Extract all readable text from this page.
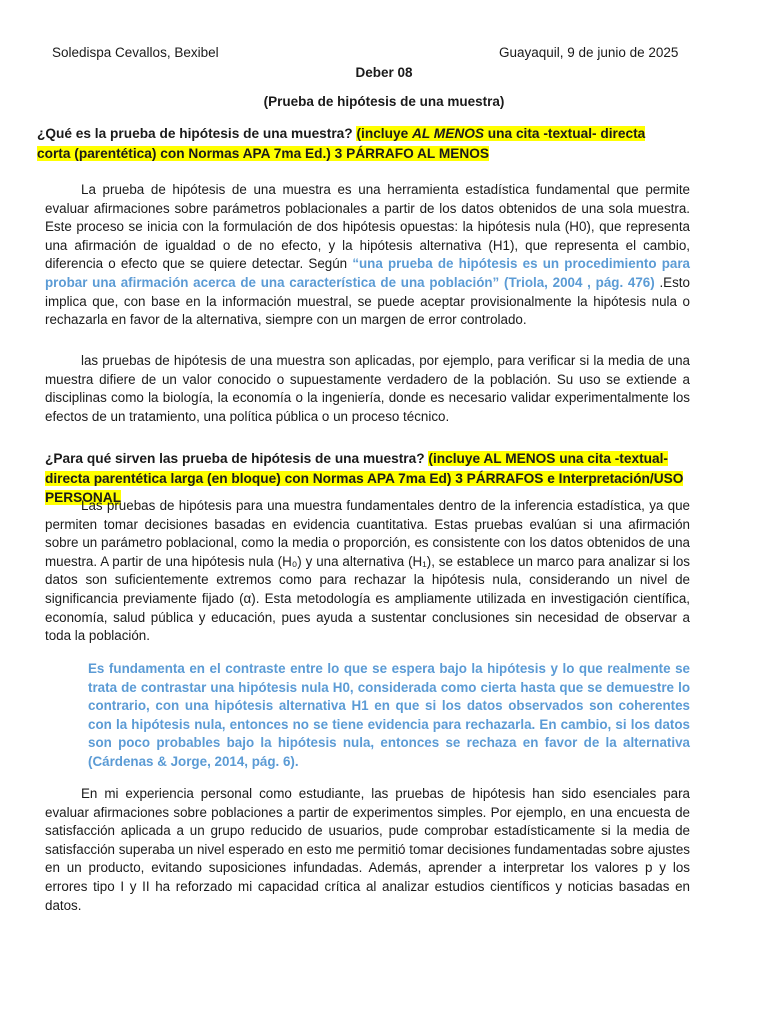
Soledispa Cevallos, Bexibel	Guayaquil, 9 de junio de 2025
Deber 08
(Prueba de hipótesis de una muestra)
¿Qué es la prueba de hipótesis de una muestra? (incluye AL MENOS una cita -textual- directa corta (parentética) con Normas APA 7ma Ed.) 3 PÁRRAFO AL MENOS
La prueba de hipótesis de una muestra es una herramienta estadística fundamental que permite evaluar afirmaciones sobre parámetros poblacionales a partir de los datos obtenidos de una sola muestra. Este proceso se inicia con la formulación de dos hipótesis opuestas: la hipótesis nula (H0), que representa una afirmación de igualdad o de no efecto, y la hipótesis alternativa (H1), que representa el cambio, diferencia o efecto que se quiere detectar. Según “una prueba de hipótesis es un procedimiento para probar una afirmación acerca de una característica de una población” (Triola, 2004 , pág. 476) .Esto implica que, con base en la información muestral, se puede aceptar provisionalmente la hipótesis nula o rechazarla en favor de la alternativa, siempre con un margen de error controlado.
las pruebas de hipótesis de una muestra son aplicadas, por ejemplo, para verificar si la media de una muestra difiere de un valor conocido o supuestamente verdadero de la población. Su uso se extiende a disciplinas como la biología, la economía o la ingeniería, donde es necesario validar experimentalmente los efectos de un tratamiento, una política pública o un proceso técnico.
¿Para qué sirven las prueba de hipótesis de una muestra? (incluye AL MENOS una cita -textual- directa parentética larga (en bloque) con Normas APA 7ma Ed) 3 PÁRRAFOS e Interpretación/USO PERSONAL
Las pruebas de hipótesis para una muestra fundamentales dentro de la inferencia estadística, ya que permiten tomar decisiones basadas en evidencia cuantitativa. Estas pruebas evalúan si una afirmación sobre un parámetro poblacional, como la media o proporción, es consistente con los datos obtenidos de una muestra. A partir de una hipótesis nula (H₀) y una alternativa (H₁), se establece un marco para analizar si los datos son suficientemente extremos como para rechazar la hipótesis nula, considerando un nivel de significancia previamente fijado (α). Esta metodología es ampliamente utilizada en investigación científica, economía, salud pública y educación, pues ayuda a sustentar conclusiones sin necesidad de observar a toda la población.
Es fundamenta en el contraste entre lo que se espera bajo la hipótesis y lo que realmente se trata de contrastar una hipótesis nula H0, considerada como cierta hasta que se demuestre lo contrario, con una hipótesis alternativa H1 en que si los datos observados son coherentes con la hipótesis nula, entonces no se tiene evidencia para rechazarla. En cambio, si los datos son poco probables bajo la hipótesis nula, entonces se rechaza en favor de la alternativa (Cárdenas & Jorge, 2014, pág. 6).
En mi experiencia personal como estudiante, las pruebas de hipótesis han sido esenciales para evaluar afirmaciones sobre poblaciones a partir de experimentos simples. Por ejemplo, en una encuesta de satisfacción aplicada a un grupo reducido de usuarios, pude comprobar estadísticamente si la media de satisfacción superaba un nivel esperado en esto me permitió tomar decisiones fundamentadas sobre ajustes en un producto, evitando suposiciones infundadas. Además, aprender a interpretar los valores p y los errores tipo I y II ha reforzado mi capacidad crítica al analizar estudios científicos y noticias basadas en datos.
